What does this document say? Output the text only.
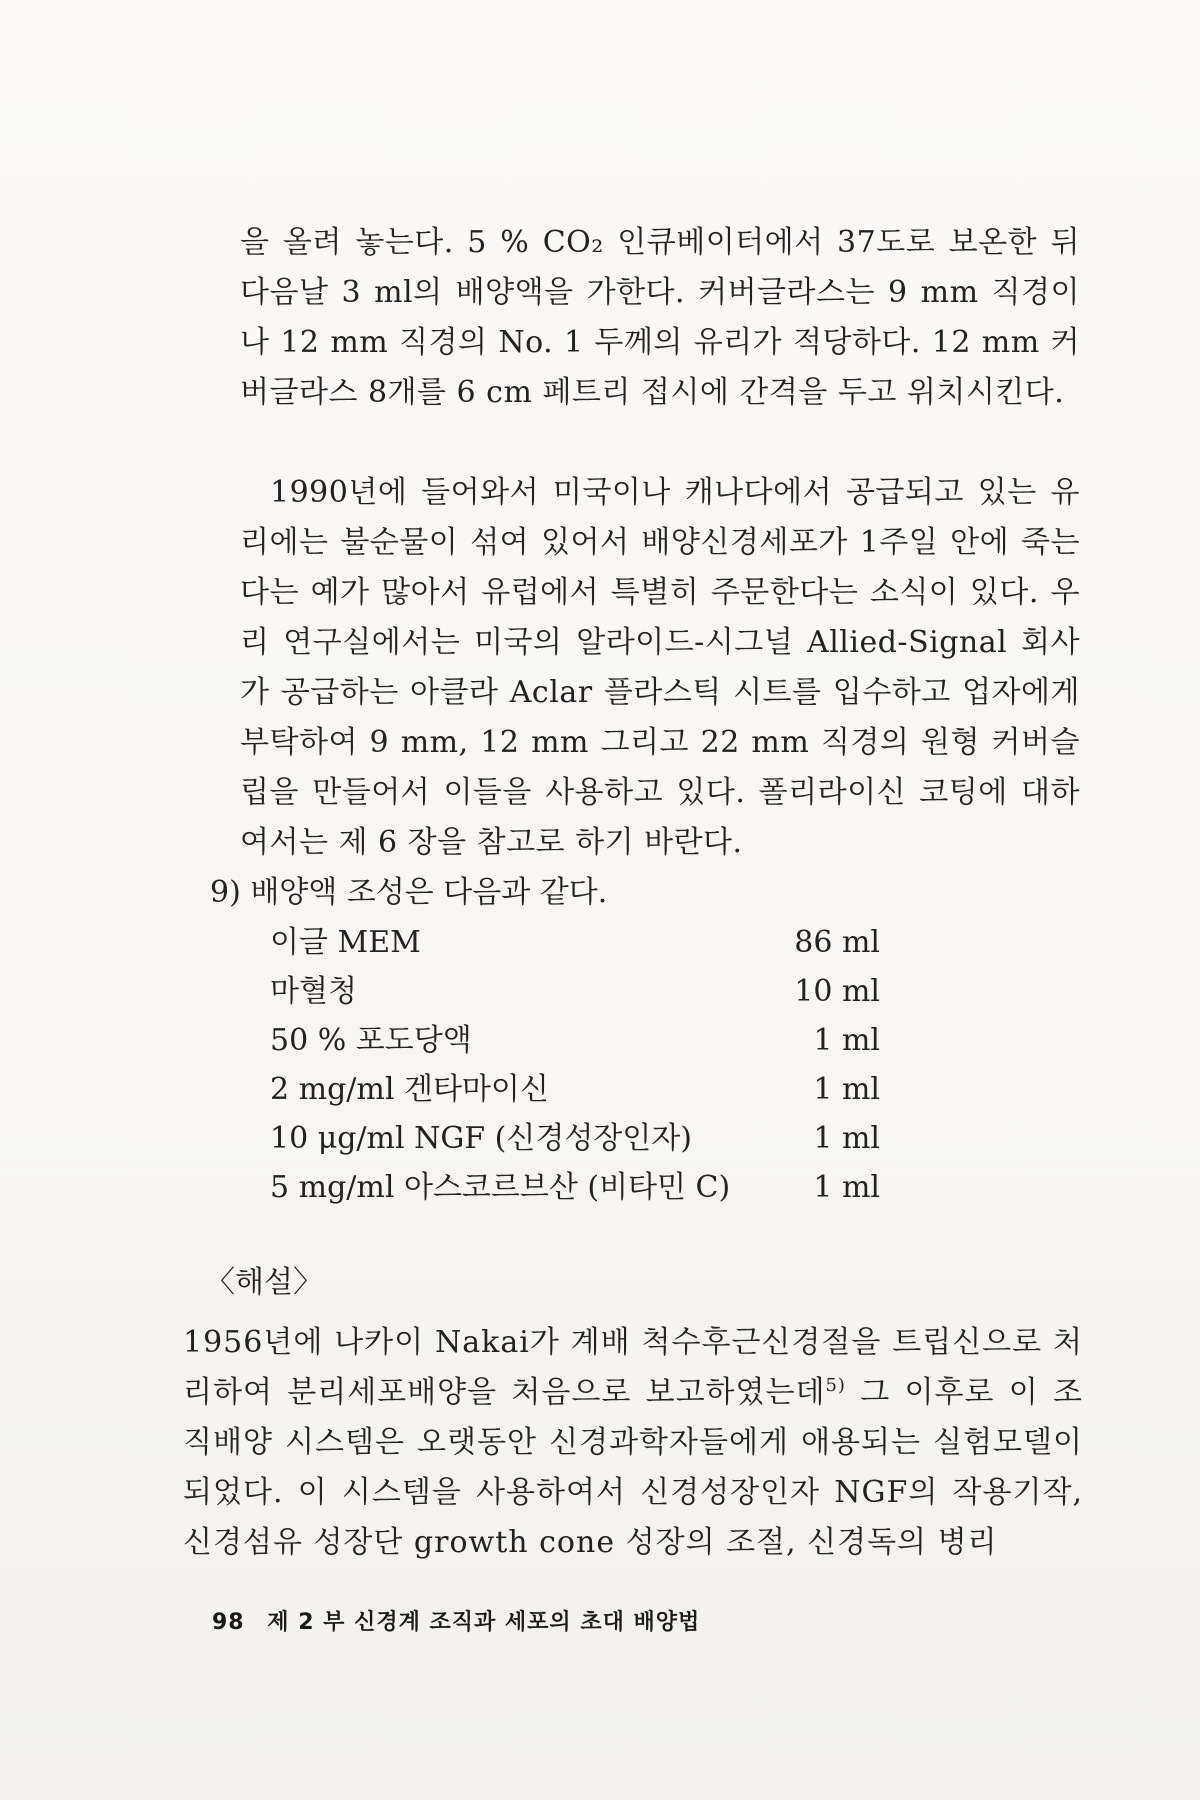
을 올려 놓는다. 5 % CO₂ 인큐베이터에서 37도로 보온한 뒤 다음날 3 ml의 배양액을 가한다. 커버글라스는 9 mm 직경이나 12 mm 직경의 No. 1 두께의 유리가 적당하다. 12 mm 커버글라스 8개를 6 cm 페트리 접시에 간격을 두고 위치시킨다.

1990년에 들어와서 미국이나 캐나다에서 공급되고 있는 유리에는 불순물이 섞여 있어서 배양신경세포가 1주일 안에 죽는다는 예가 많아서 유럽에서 특별히 주문한다는 소식이 있다. 우리 연구실에서는 미국의 알라이드-시그널 Allied-Signal 회사가 공급하는 아클라 Aclar 플라스틱 시트를 입수하고 업자에게 부탁하여 9 mm, 12 mm 그리고 22 mm 직경의 원형 커버슬립을 만들어서 이들을 사용하고 있다. 폴리라이신 코팅에 대하여서는 제 6 장을 참고로 하기 바란다.

9) 배양액 조성은 다음과 같다.

이글 MEM	86 ml
마혈청	10 ml
50 % 포도당액	1 ml
2 mg/ml 겐타마이신	1 ml
10 μg/ml NGF (신경성장인자)	1 ml
5 mg/ml 아스코르브산 (비타민 C)	1 ml

〈해설〉

1956년에 나카이 Nakai가 계배 척수후근신경절을 트립신으로 처리하여 분리세포배양을 처음으로 보고하였는데$^{5)}$ 그 이후로 이 조직배양 시스템은 오랫동안 신경과학자들에게 애용되는 실험모델이 되었다. 이 시스템을 사용하여서 신경성장인자 NGF의 작용기작, 신경섬유 성장단 growth cone 성장의 조절, 신경독의 병리

98 제 2 부 신경계 조직과 세포의 초대 배양법
